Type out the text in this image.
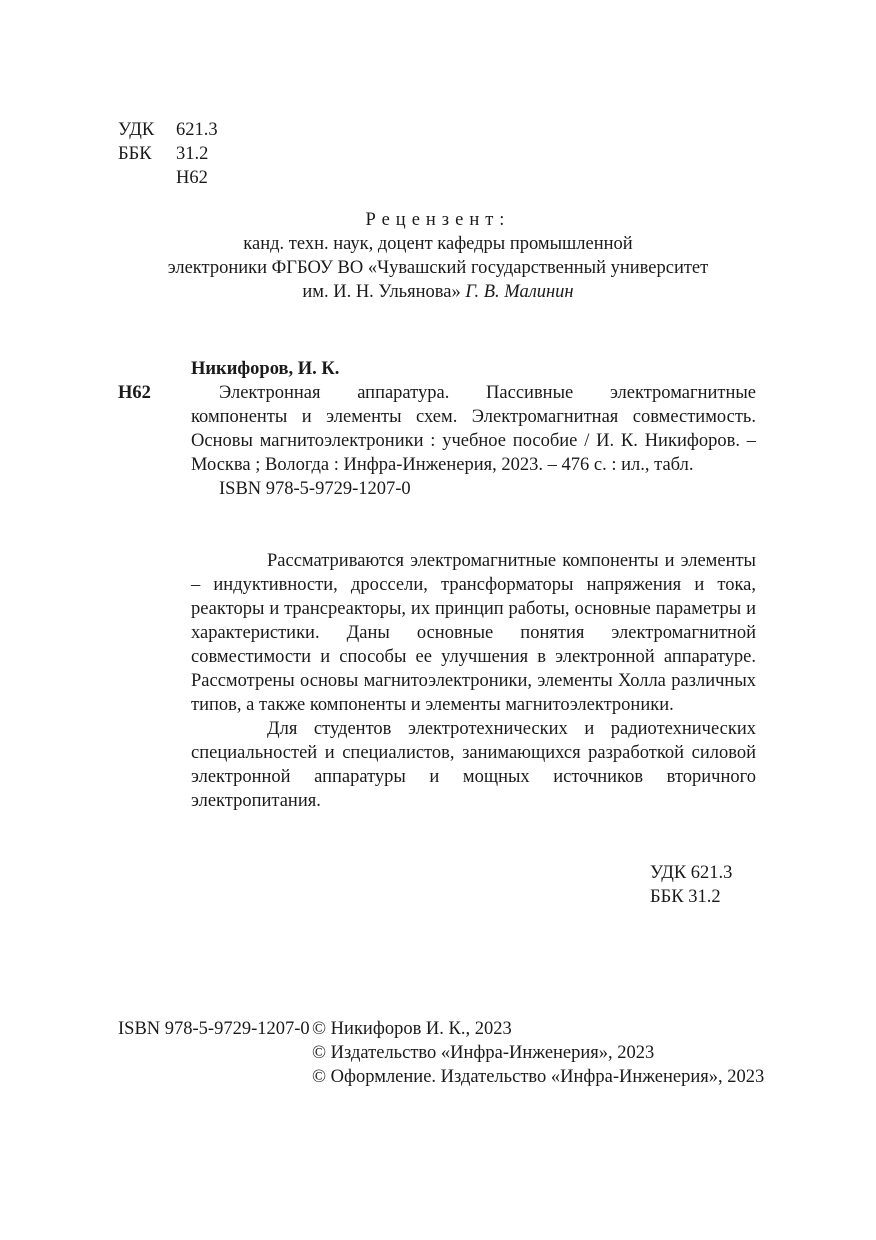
УДК 621.3
ББК 31.2
Н62
Рецензент:
канд. техн. наук, доцент кафедры промышленной
электроники ФГБОУ ВО «Чувашский государственный университет
им. И. Н. Ульянова» Г. В. Малинин
Никифоров, И. К.
Н62	Электронная аппаратура. Пассивные электромагнитные компоненты и элементы схем. Электромагнитная совместимость. Основы магнитоэлектроники : учебное пособие / И. К. Никифоров. – Москва ; Вологда : Инфра-Инженерия, 2023. – 476 с. : ил., табл.
ISBN 978-5-9729-1207-0

Рассматриваются электромагнитные компоненты и элементы – индуктивности, дроссели, трансформаторы напряжения и тока, реакторы и трансреакторы, их принцип работы, основные параметры и характеристики. Даны основные понятия электромагнитной совместимости и способы ее улучшения в электронной аппаратуре. Рассмотрены основы магнитоэлектроники, элементы Холла различных типов, а также компоненты и элементы магнитоэлектроники.

Для студентов электротехнических и радиотехнических специальностей и специалистов, занимающихся разработкой силовой электронной аппаратуры и мощных источников вторичного электропитания.

УДК 621.3
ББК 31.2
ISBN 978-5-9729-1207-0 © Никифоров И. К., 2023
© Издательство «Инфра-Инженерия», 2023
© Оформление. Издательство «Инфра-Инженерия», 2023
